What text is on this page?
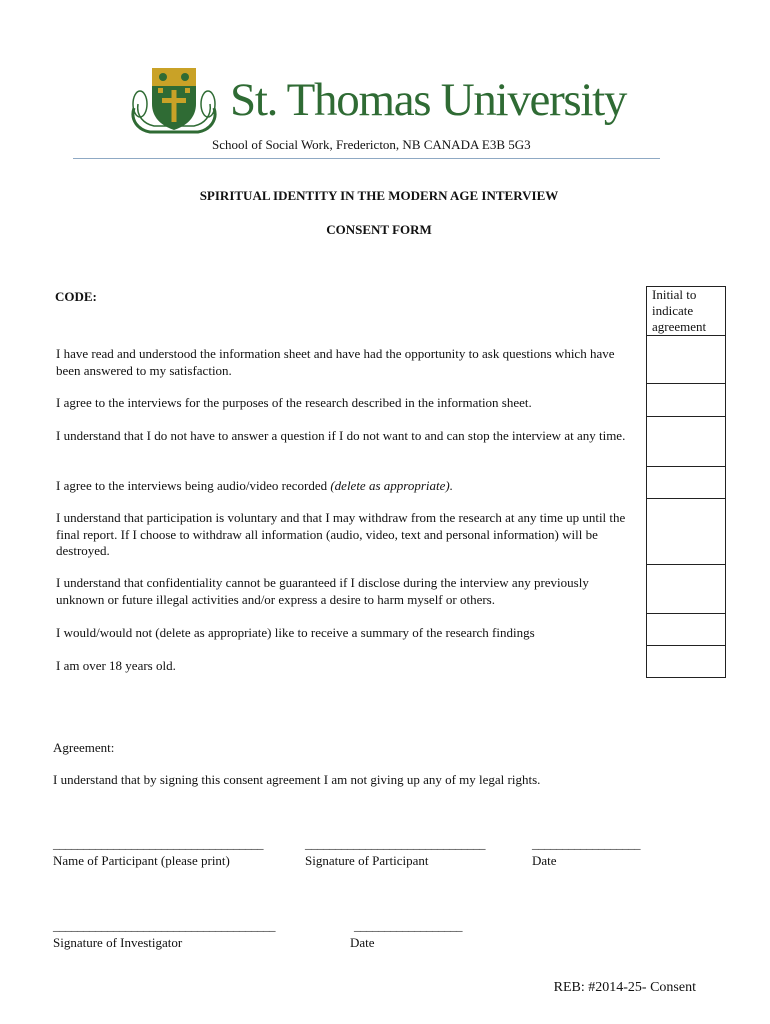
St. Thomas University
School of Social Work, Fredericton, NB CANADA E3B 5G3
SPIRITUAL IDENTITY IN THE MODERN AGE INTERVIEW
CONSENT FORM
CODE:	Initial to indicate agreement

I have read and understood the information sheet and have had the opportunity to ask questions which have been answered to my satisfaction.
I agree to the interviews for the purposes of the research described in the information sheet.
I understand that I do not have to answer a question if I do not want to and can stop the interview at any time.
I agree to the interviews being audio/video recorded (delete as appropriate).
I understand that participation is voluntary and that I may withdraw from the research at any time up until the final report. If I choose to withdraw all information (audio, video, text and personal information) will be destroyed.
I understand that confidentiality cannot be guaranteed if I disclose during the interview any previously unknown or future illegal activities and/or express a desire to harm myself or others.
I would/would not (delete as appropriate) like to receive a summary of the research findings
I am over 18 years old.
Agreement:
I understand that by signing this consent agreement I am not giving up any of my legal rights.
___________________________________	______________________________	__________________
Name of Participant (please print)	Signature of Participant	Date
_____________________________________	__________________
Signature of Investigator	Date
REB: #2014-25- Consent
